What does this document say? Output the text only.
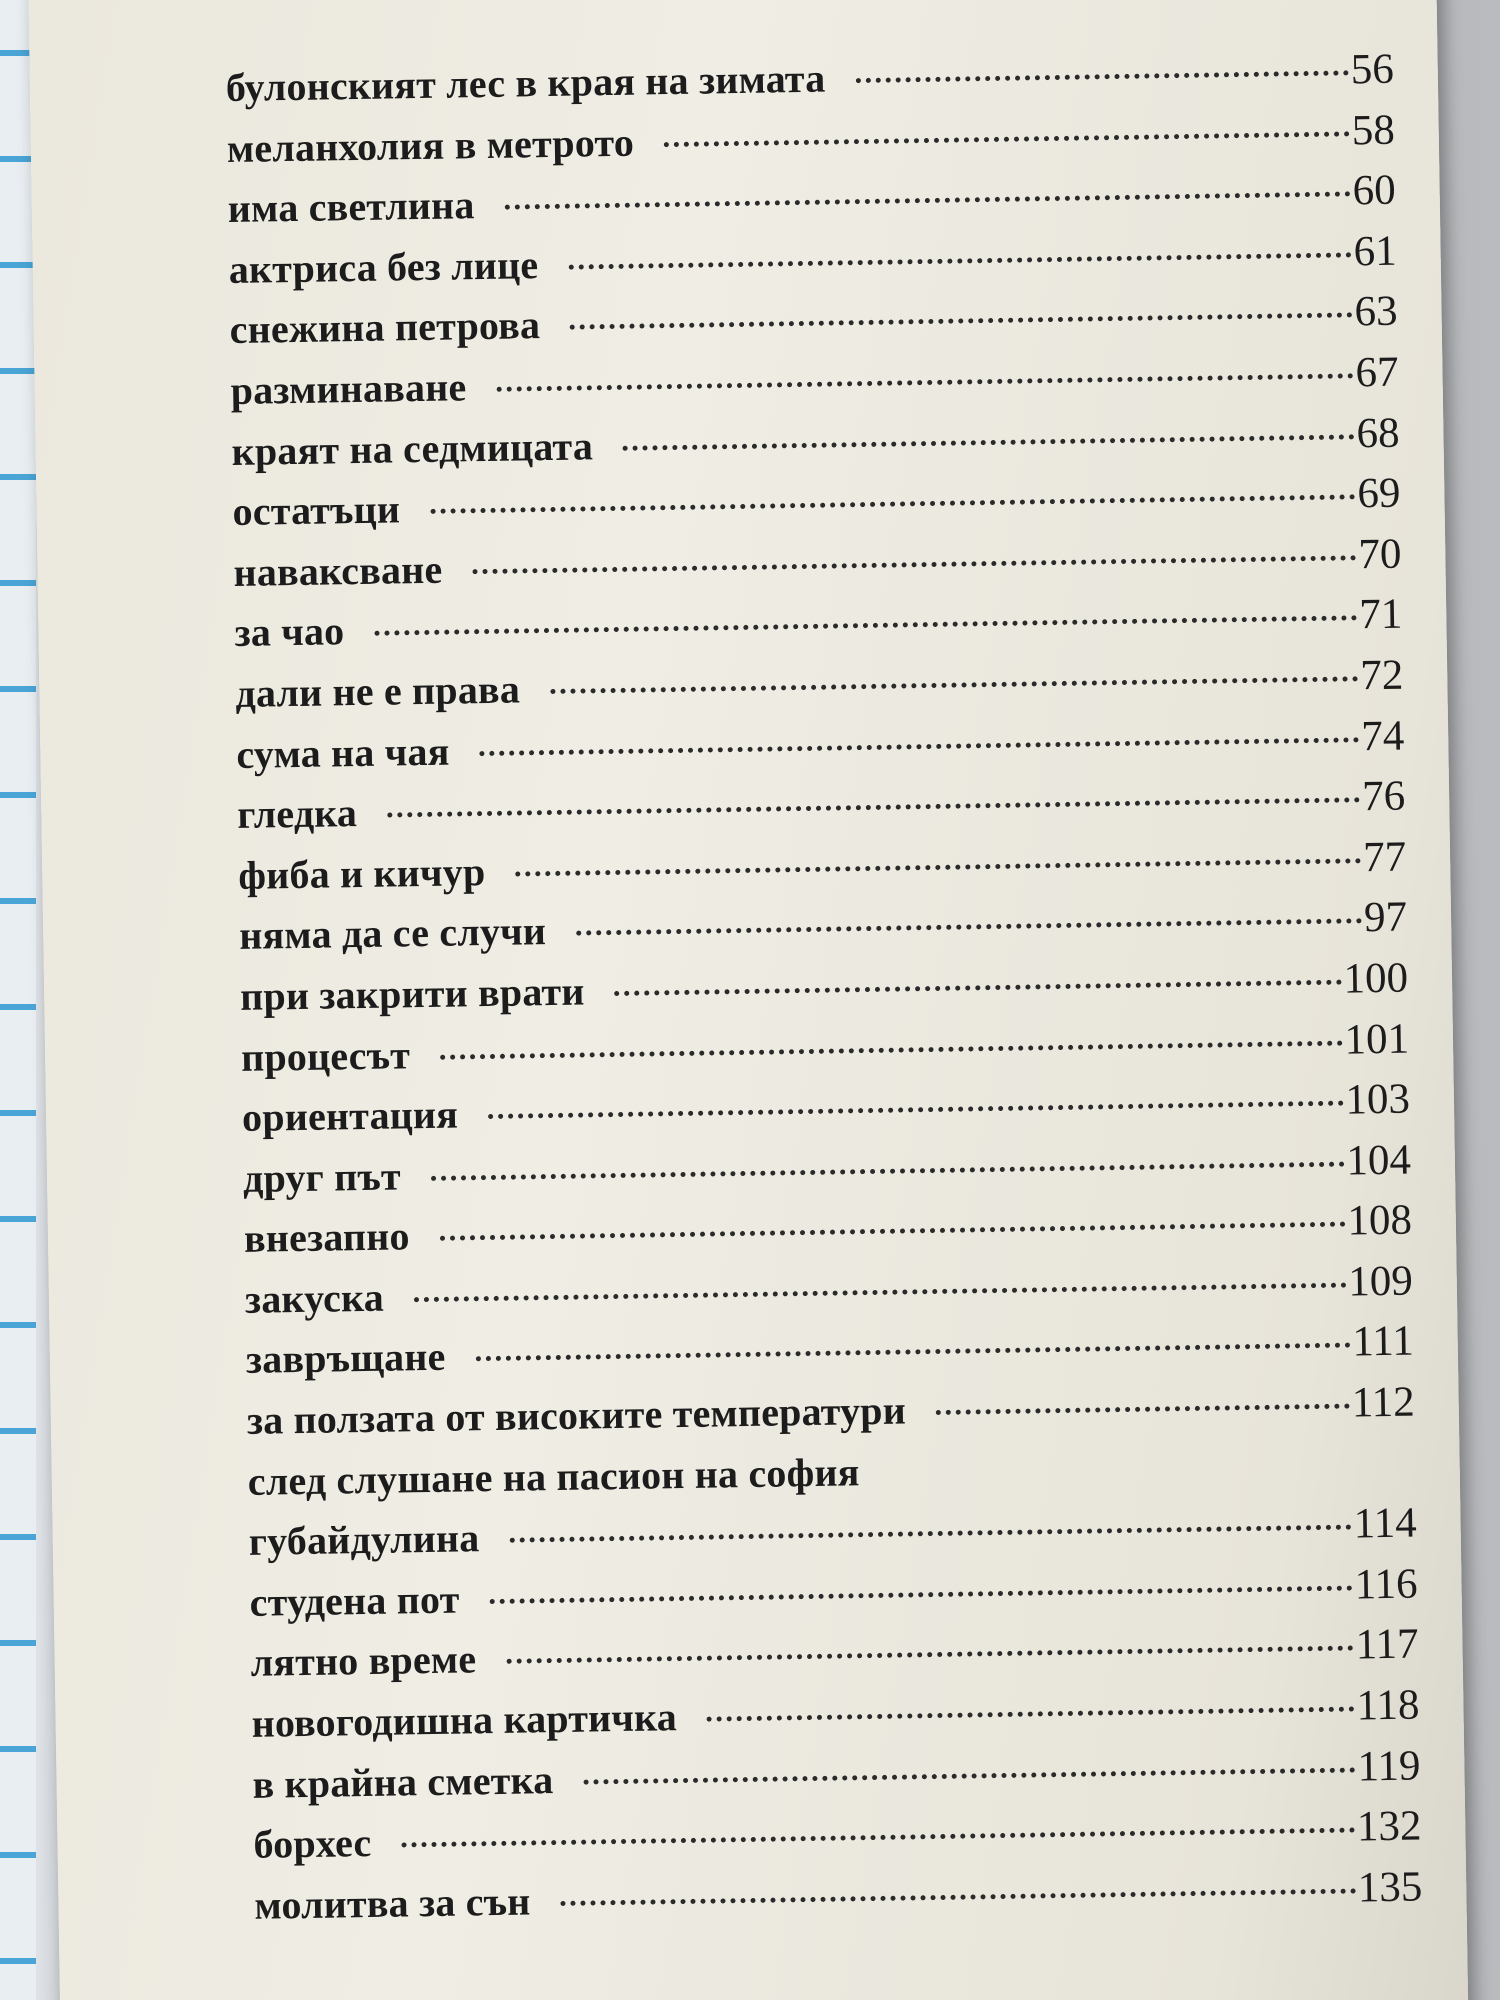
булонският лес в края на зимата	56
меланхолия в метрото	58
има светлина	60
актриса без лице	61
снежина петрова	63
разминаване	67
краят на седмицата	68
остатъци	69
наваксване	70
за чао	71
дали не е права	72
сума на чая	74
гледка	76
фиба и кичур	77
няма да се случи	97
при закрити врати	100
процесът	101
ориентация	103
друг път	104
внезапно	108
закуска	109
завръщане	111
за ползата от високите температури	112
след слушане на пасион на софия
губайдулина	114
студена пот	116
лятно време	117
новогодишна картичка	118
в крайна сметка	119
борхес	132
молитва за сън	135
